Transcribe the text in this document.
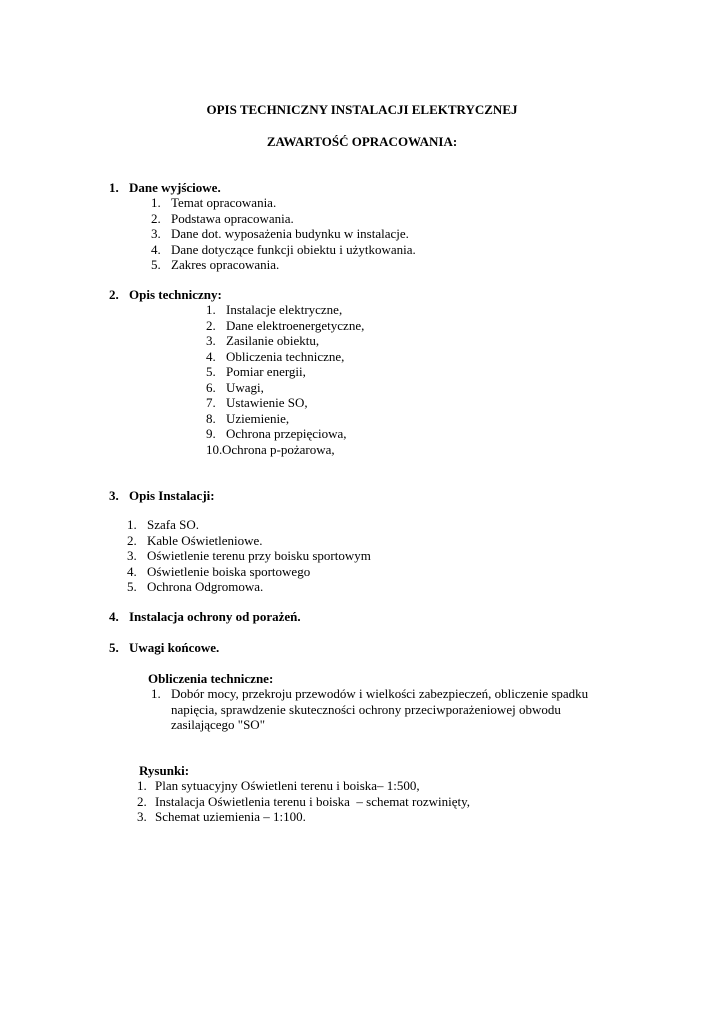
OPIS TECHNICZNY INSTALACJI ELEKTRYCZNEJ
ZAWARTOŚĆ OPRACOWANIA:
1. Dane wyjściowe.
1. Temat opracowania.
2. Podstawa opracowania.
3. Dane dot. wyposażenia budynku w instalacje.
4. Dane dotyczące funkcji obiektu i użytkowania.
5. Zakres opracowania.
2. Opis techniczny:
1. Instalacje elektryczne,
2. Dane elektroenergetyczne,
3. Zasilanie obiektu,
4. Obliczenia techniczne,
5. Pomiar energii,
6. Uwagi,
7. Ustawienie SO,
8. Uziemienie,
9. Ochrona przepięciowa,
10.Ochrona p-pożarowa,
3. Opis Instalacji:
1. Szafa SO.
2. Kable Oświetleniowe.
3. Oświetlenie terenu przy boisku sportowym
4. Oświetlenie boiska sportowego
5. Ochrona Odgromowa.
4. Instalacja ochrony od porażeń.
5. Uwagi końcowe.
Obliczenia techniczne:
1. Dobór mocy, przekroju przewodów i wielkości zabezpieczeń, obliczenie spadku
napięcia, sprawdzenie skuteczności ochrony przeciwporażeniowej obwodu
zasilającego "SO"
Rysunki:
1. Plan sytuacyjny Oświetleni terenu i boiska– 1:500,
2. Instalacja Oświetlenia terenu i boiska  – schemat rozwinięty,
3. Schemat uziemienia – 1:100.
